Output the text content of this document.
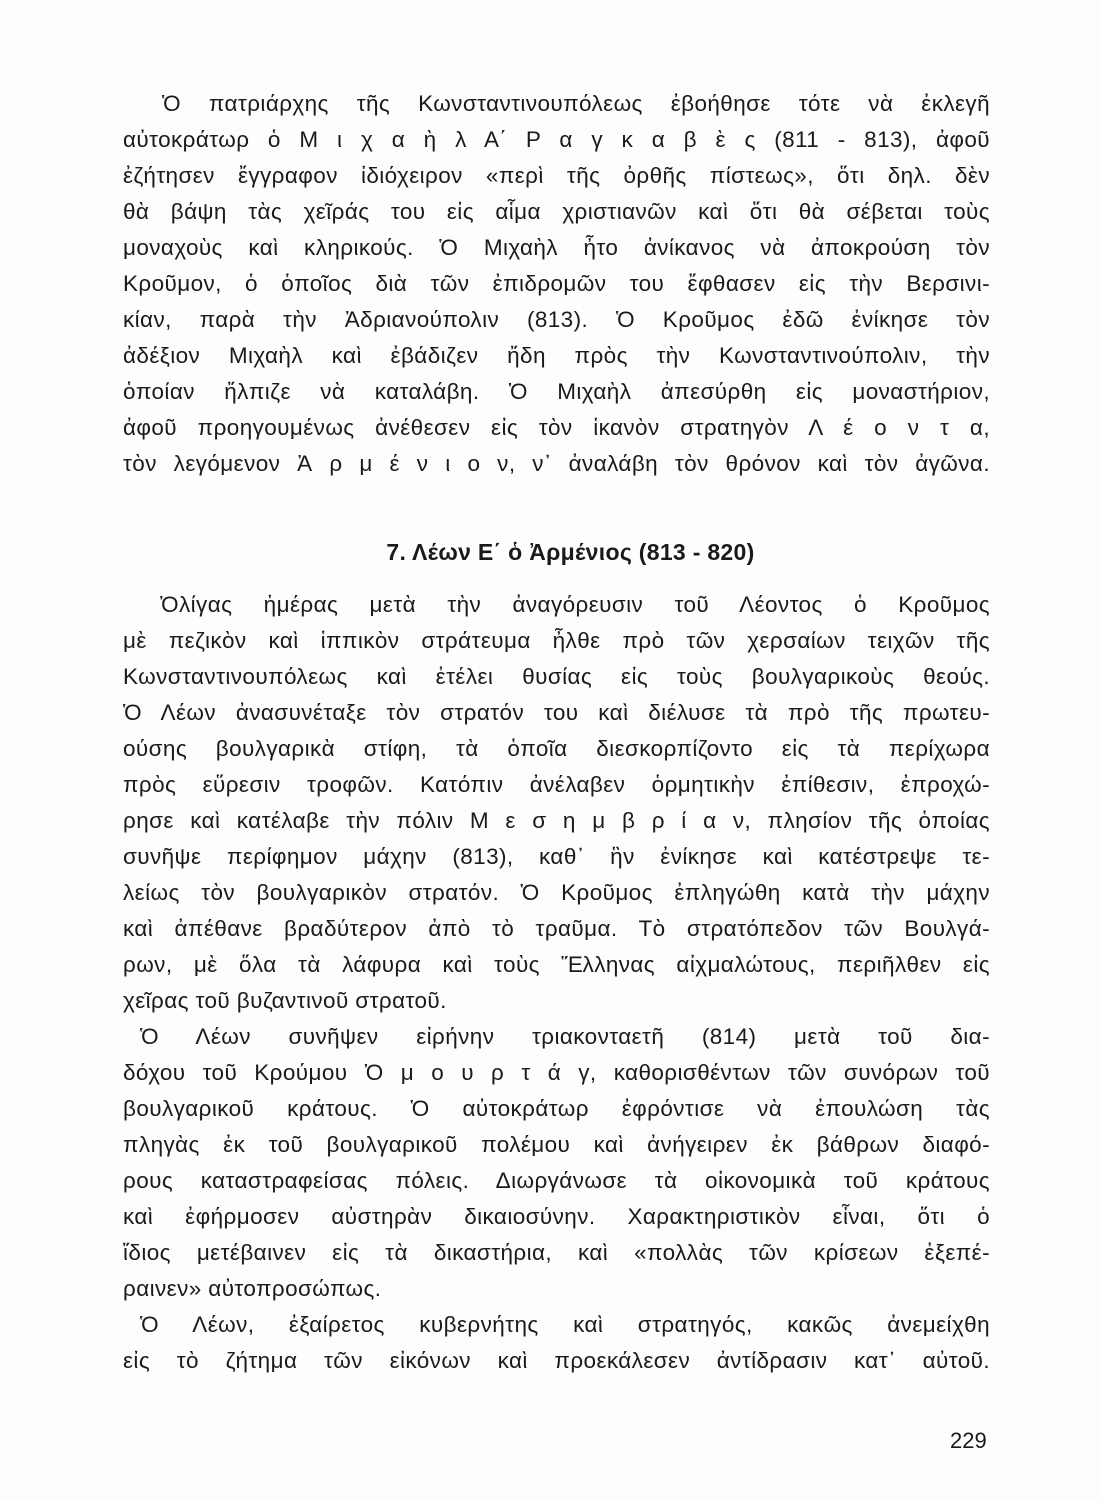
Ὁ πατριάρχης τῆς Κωνσταντινουπόλεως ἐβοήθησε τότε νὰ ἐκλεγῆ
αὐτοκράτωρ ὁ Μ ι χ α ὴ λ Α΄ Ρ α γ κ α β ὲ ς (811 - 813), ἀφοῦ
ἐζήτησεν ἔγγραφον ἰδιόχειρον «περὶ τῆς ὀρθῆς πίστεως», ὅτι δηλ. δὲν
θὰ βάψη τὰς χεῖράς του εἰς αἷμα χριστιανῶν καὶ ὅτι θὰ σέβεται τοὺς
μοναχοὺς καὶ κληρικούς. Ὁ Μιχαὴλ ἦτο ἀνίκανος νὰ ἀποκρούση τὸν
Κροῦμον, ὁ ὁποῖος διὰ τῶν ἐπιδρομῶν του ἔφθασεν εἰς τὴν Βερσινι-
κίαν, παρὰ τὴν Ἀδριανούπολιν (813). Ὁ Κροῦμος ἐδῶ ἐνίκησε τὸν
ἀδέξιον Μιχαὴλ καὶ ἐβάδιζεν ἤδη πρὸς τὴν Κωνσταντινούπολιν, τὴν
ὁποίαν ἤλπιζε νὰ καταλάβη. Ὁ Μιχαὴλ ἀπεσύρθη εἰς μοναστήριον,
ἀφοῦ προηγουμένως ἀνέθεσεν εἰς τὸν ἱκανὸν στρατηγὸν Λ έ ο ν τ α,
τὸν λεγόμενον Ἀ ρ μ έ ν ι ο ν, ν᾿ ἀναλάβη τὸν θρόνον καὶ τὸν ἀγῶνα.
7. Λέων Ε΄ ὁ Ἀρμένιος (813 - 820)
Ὀλίγας ἡμέρας μετὰ τὴν ἀναγόρευσιν τοῦ Λέοντος ὁ Κροῦμος
μὲ πεζικὸν καὶ ἱππικὸν στράτευμα ἦλθε πρὸ τῶν χερσαίων τειχῶν τῆς
Κωνσταντινουπόλεως καὶ ἐτέλει θυσίας εἰς τοὺς βουλγαρικοὺς θεούς.
Ὁ Λέων ἀνασυνέταξε τὸν στρατόν του καὶ διέλυσε τὰ πρὸ τῆς πρωτευ-
ούσης βουλγαρικὰ στίφη, τὰ ὁποῖα διεσκορπίζοντο εἰς τὰ περίχωρα
πρὸς εὕρεσιν τροφῶν. Κατόπιν ἀνέλαβεν ὁρμητικὴν ἐπίθεσιν, ἐπροχώ-
ρησε καὶ κατέλαβε τὴν πόλιν Μ ε σ η μ β ρ ί α ν, πλησίον τῆς ὁποίας
συνῆψε περίφημον μάχην (813), καθ᾿ ἣν ἐνίκησε καὶ κατέστρεψε τε-
λείως τὸν βουλγαρικὸν στρατόν. Ὁ Κροῦμος ἐπληγώθη κατὰ τὴν μάχην
καὶ ἀπέθανε βραδύτερον ἀπὸ τὸ τραῦμα. Τὸ στρατόπεδον τῶν Βουλγά-
ρων, μὲ ὅλα τὰ λάφυρα καὶ τοὺς Ἕλληνας αἰχμαλώτους, περιῆλθεν εἰς
χεῖρας τοῦ βυζαντινοῦ στρατοῦ.
Ὁ Λέων συνῆψεν εἰρήνην τριακονταετῆ (814) μετὰ τοῦ δια-
δόχου τοῦ Κρούμου Ὀ μ ο υ ρ τ ά γ, καθορισθέντων τῶν συνόρων τοῦ
βουλγαρικοῦ κράτους. Ὁ αὐτοκράτωρ ἐφρόντισε νὰ ἐπουλώση τὰς
πληγὰς ἐκ τοῦ βουλγαρικοῦ πολέμου καὶ ἀνήγειρεν ἐκ βάθρων διαφό-
ρους καταστραφείσας πόλεις. Διωργάνωσε τὰ οἰκονομικὰ τοῦ κράτους
καὶ ἐφήρμοσεν αὐστηρὰν δικαιοσύνην. Χαρακτηριστικὸν εἶναι, ὅτι ὁ
ἴδιος μετέβαινεν εἰς τὰ δικαστήρια, καὶ «πολλὰς τῶν κρίσεων ἐξεπέ-
ραινεν» αὐτοπροσώπως.
Ὁ Λέων, ἐξαίρετος κυβερνήτης καὶ στρατηγός, κακῶς ἀνεμείχθη
εἰς τὸ ζήτημα τῶν εἰκόνων καὶ προεκάλεσεν ἀντίδρασιν κατ᾿ αὐτοῦ.
229
